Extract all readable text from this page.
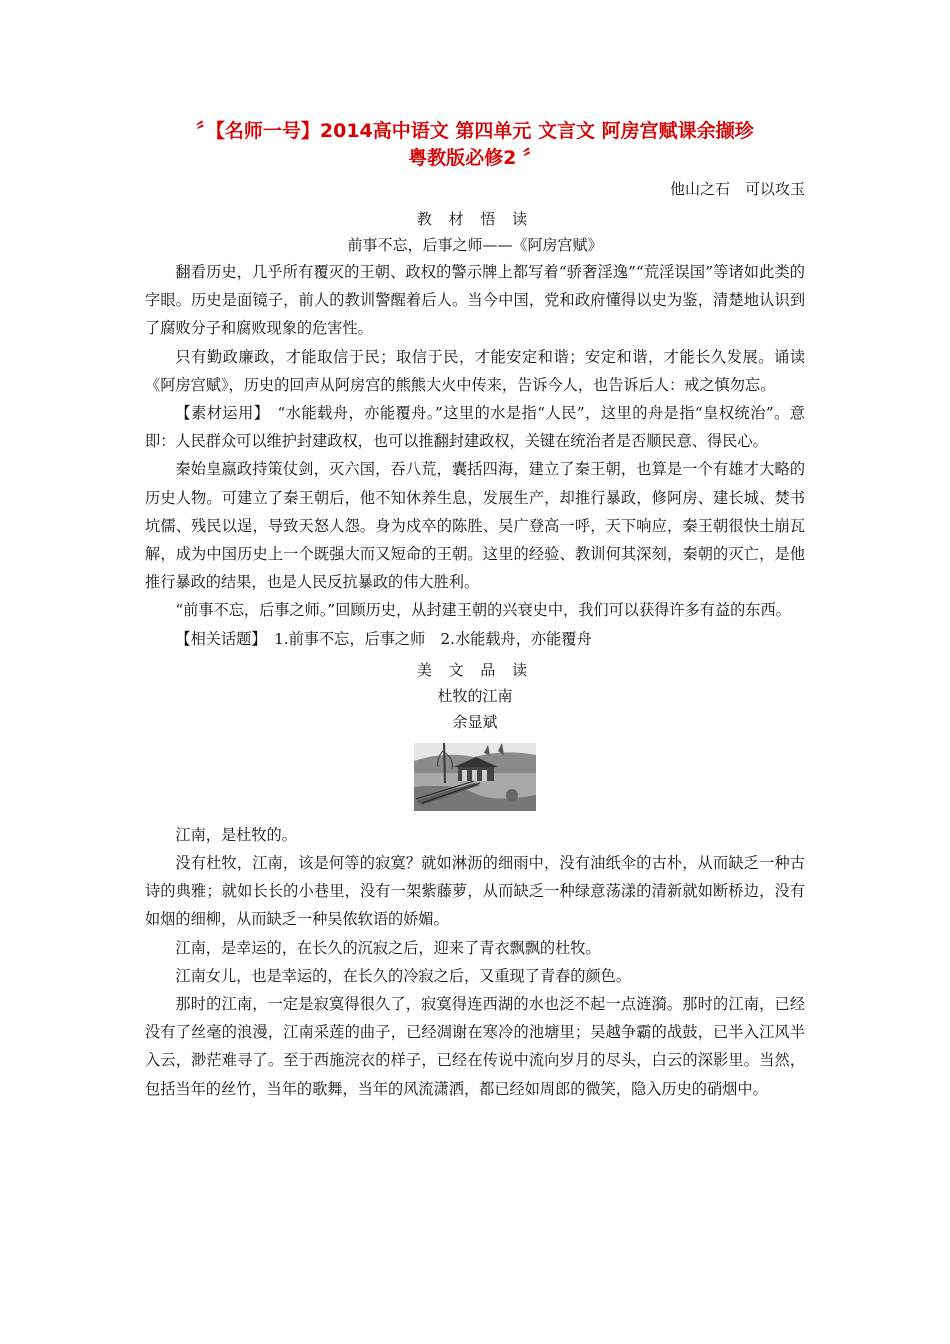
〞【名师一号】2014高中语文 第四单元 文言文 阿房宫赋课余撷珍
粤教版必修2 〞
他山之石　可以攻玉
教 材 悟 读
前事不忘，后事之师——《阿房宫赋》

翻看历史，几乎所有覆灭的王朝、政权的警示牌上都写着“骄奢淫逸”“荒淫误国”等诸如此类的字眼。历史是面镜子，前人的教训警醒着后人。当今中国，党和政府懂得以史为鉴，清楚地认识到了腐败分子和腐败现象的危害性。

只有勤政廉政，才能取信于民；取信于民，才能安定和谐；安定和谐，才能长久发展。诵读《阿房宫赋》，历史的回声从阿房宫的熊熊大火中传来，告诉今人，也告诉后人：戒之慎勿忘。

【素材运用】　“水能载舟，亦能覆舟。”这里的水是指“人民”，这里的舟是指“皇权统治”。意即：人民群众可以维护封建政权，也可以推翻封建政权，关键在统治者是否顺民意、得民心。

秦始皇嬴政持策仗剑，灭六国，吞八荒，囊括四海，建立了秦王朝，也算是一个有雄才大略的历史人物。可建立了秦王朝后，他不知休养生息，发展生产，却推行暴政，修阿房、建长城、焚书坑儒、残民以逞，导致天怒人怨。身为戍卒的陈胜、吴广登高一呼，天下响应，秦王朝很快土崩瓦解，成为中国历史上一个既强大而又短命的王朝。这里的经验、教训何其深刻，秦朝的灭亡，是他推行暴政的结果，也是人民反抗暴政的伟大胜利。

“前事不忘，后事之师。”回顾历史，从封建王朝的兴衰史中，我们可以获得许多有益的东西。

【相关话题】　1.前事不忘，后事之师　2.水能载舟，亦能覆舟

美 文 品 读
杜牧的江南
余显斌

江南，是杜牧的。

没有杜牧，江南，该是何等的寂寞？就如淋沥的细雨中，没有油纸伞的古朴，从而缺乏一种古诗的典雅；就如长长的小巷里，没有一架紫藤萝，从而缺乏一种绿意荡漾的清新就如断桥边，没有如烟的细柳，从而缺乏一种吴侬软语的娇媚。

江南，是幸运的，在长久的沉寂之后，迎来了青衣飘飘的杜牧。

江南女儿，也是幸运的，在长久的冷寂之后，又重现了青春的颜色。

那时的江南，一定是寂寞得很久了，寂寞得连西湖的水也泛不起一点涟漪。那时的江南，已经没有了丝毫的浪漫，江南采莲的曲子，已经凋谢在寒冷的池塘里；吴越争霸的战鼓，已半入江风半入云，渺茫难寻了。至于西施浣衣的样子，已经在传说中流向岁月的尽头，白云的深影里。当然，包括当年的丝竹，当年的歌舞，当年的风流潇洒，都已经如周郎的微笑，隐入历史的硝烟中。
